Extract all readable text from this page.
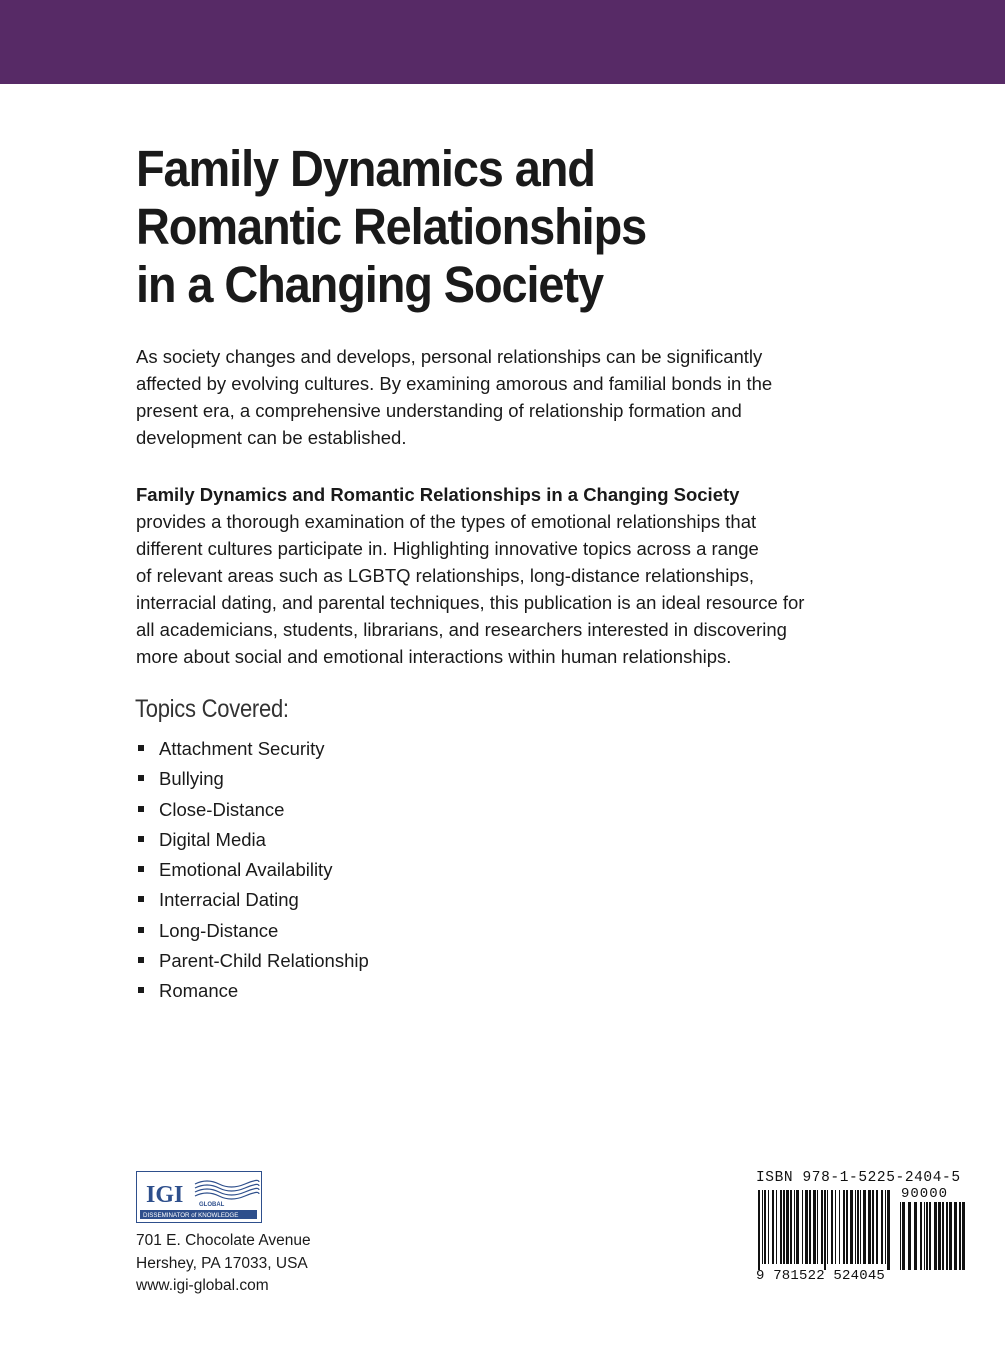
Family Dynamics and
Romantic Relationships
in a Changing Society

As society changes and develops, personal relationships can be significantly
affected by evolving cultures. By examining amorous and familial bonds in the
present era, a comprehensive understanding of relationship formation and
development can be established.

Family Dynamics and Romantic Relationships in a Changing Society
provides a thorough examination of the types of emotional relationships that
different cultures participate in. Highlighting innovative topics across a range
of relevant areas such as LGBTQ relationships, long-distance relationships,
interracial dating, and parental techniques, this publication is an ideal resource for
all academicians, students, librarians, and researchers interested in discovering
more about social and emotional interactions within human relationships.

Topics Covered:
Attachment Security
Bullying
Close-Distance
Digital Media
Emotional Availability
Interracial Dating
Long-Distance
Parent-Child Relationship
Romance
IGI	GLOBAL
DISSEMINATOR of KNOWLEDGE

701 E. Chocolate Avenue
Hershey, PA 17033, USA
www.igi-global.com

ISBN 978-1-5225-2404-5
90000
9 781522 524045
